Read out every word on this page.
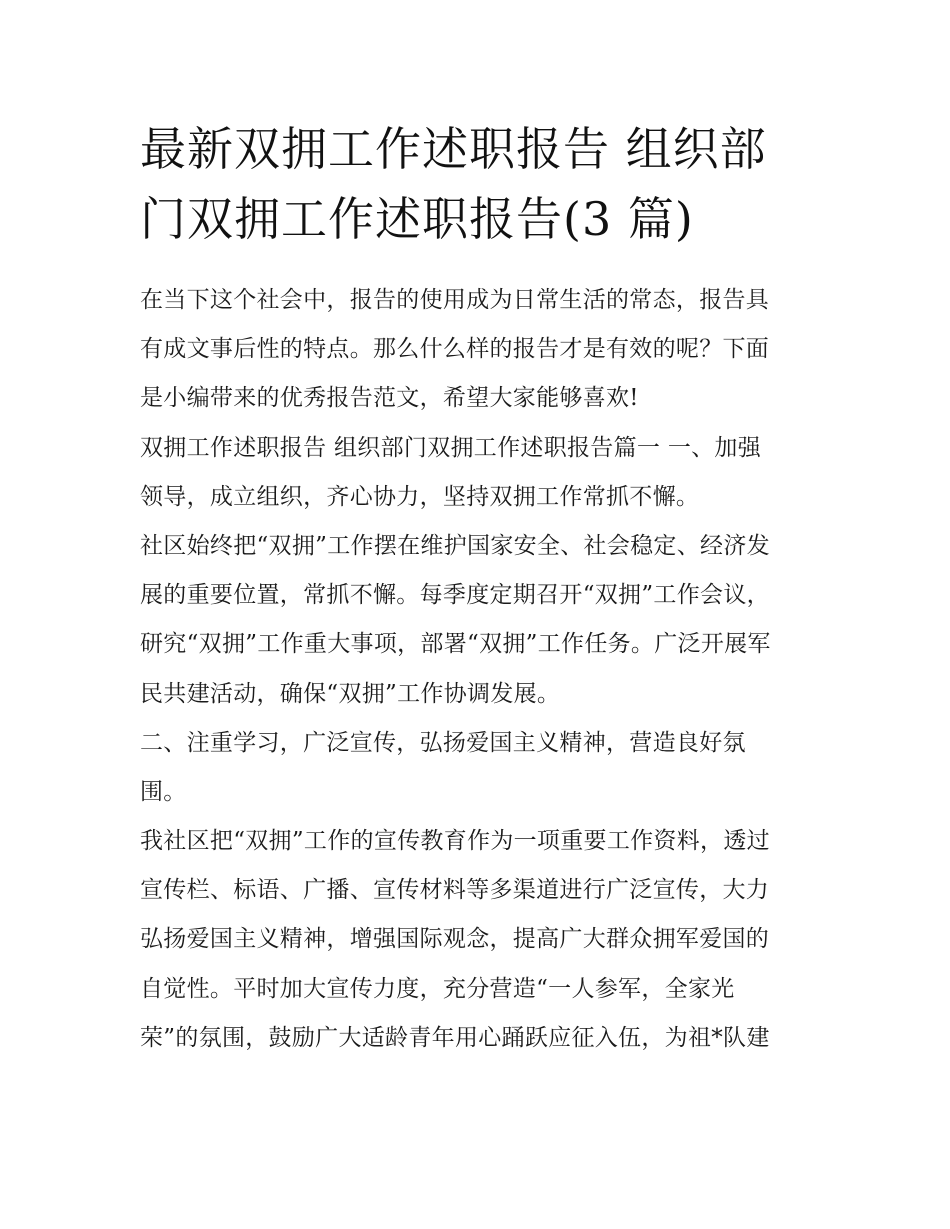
最新双拥工作述职报告 组织部
门双拥工作述职报告(3 篇)
在当下这个社会中，报告的使用成为日常生活的常态，报告具
有成文事后性的特点。那么什么样的报告才是有效的呢？下面
是小编带来的优秀报告范文，希望大家能够喜欢!
双拥工作述职报告 组织部门双拥工作述职报告篇一 一、加强
领导，成立组织，齐心协力，坚持双拥工作常抓不懈。
社区始终把“双拥”工作摆在维护国家安全、社会稳定、经济发
展的重要位置，常抓不懈。每季度定期召开“双拥”工作会议，
研究“双拥”工作重大事项，部署“双拥”工作任务。广泛开展军
民共建活动，确保“双拥”工作协调发展。
二、注重学习，广泛宣传，弘扬爱国主义精神，营造良好氛
围。
我社区把“双拥”工作的宣传教育作为一项重要工作资料，透过
宣传栏、标语、广播、宣传材料等多渠道进行广泛宣传，大力
弘扬爱国主义精神，增强国际观念，提高广大群众拥军爱国的
自觉性。平时加大宣传力度，充分营造“一人参军，全家光
荣”的氛围，鼓励广大适龄青年用心踊跃应征入伍，为祖*队建
